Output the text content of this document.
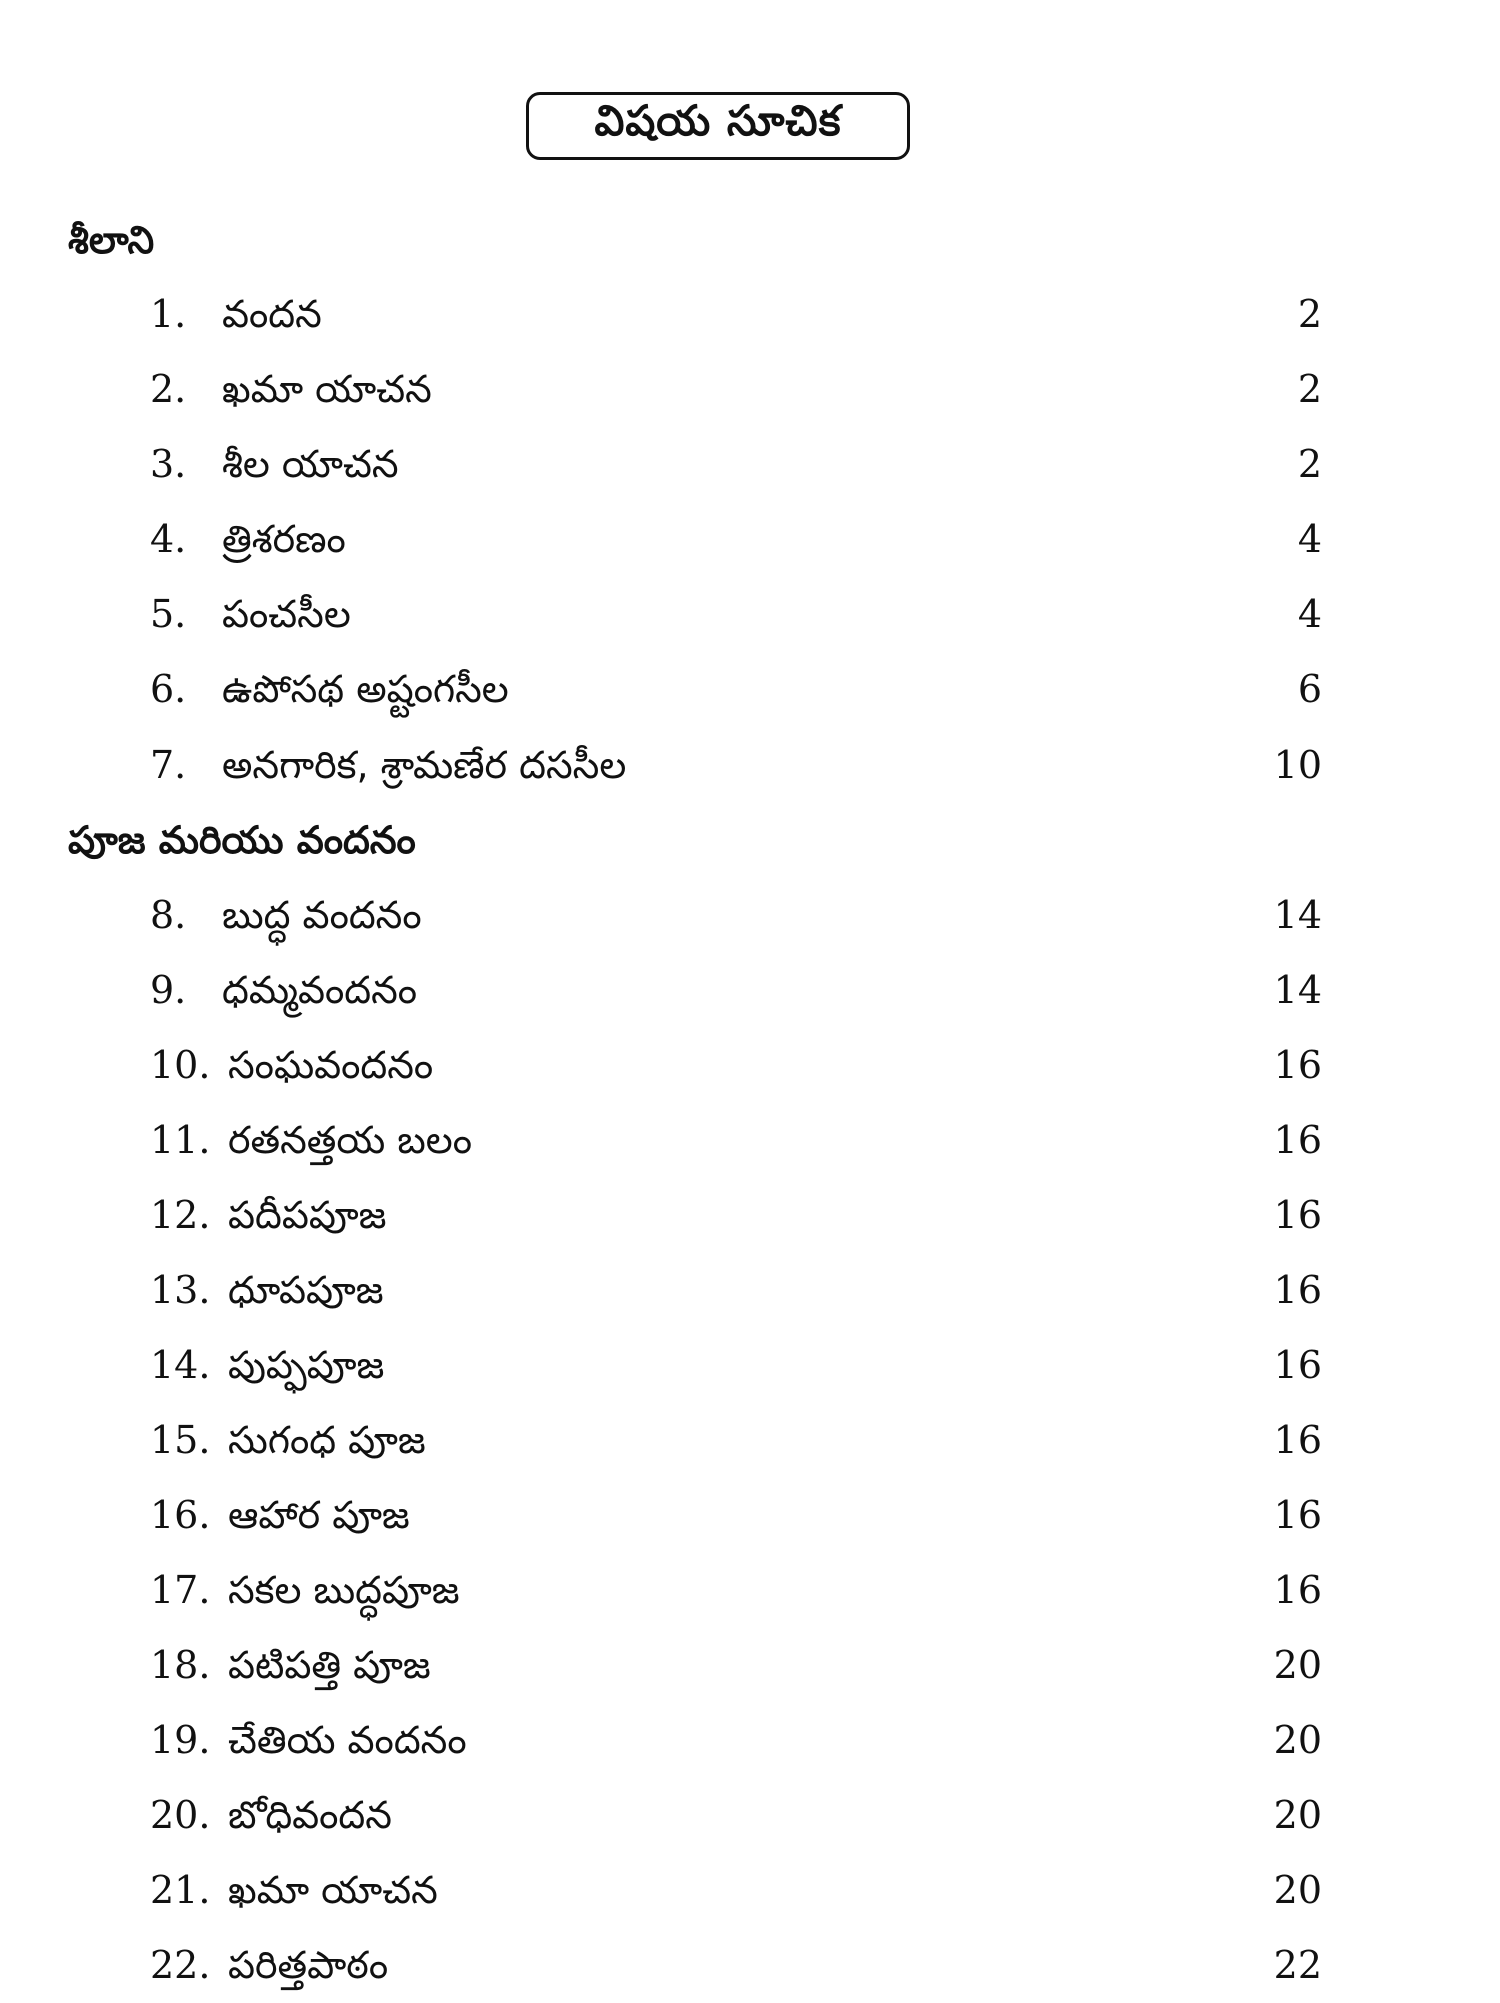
విషయ సూచిక
శీలాని
1. వందన	2
2. ఖమా యాచన	2
3. శీల యాచన	2
4. త్రిశరణం	4
5. పంచసీల	4
6. ఉపోసథ అష్టంగసీల	6
7. అనగారిక, శ్రామణేర దససీల	10
పూజ మరియు వందనం
8. బుద్ధ వందనం	14
9. ధమ్మవందనం	14
10. సంఘవందనం	16
11. రతనత్తయ బలం	16
12. పదీపపూజ	16
13. ధూపపూజ	16
14. పుప్ఫపూజ	16
15. సుగంధ పూజ	16
16. ఆహార పూజ	16
17. సకల బుద్ధపూజ	16
18. పటిపత్తి పూజ	20
19. చేతియ వందనం	20
20. బోధివందన	20
21. ఖమా యాచన	20
22. పరిత్తపాఠం	22
